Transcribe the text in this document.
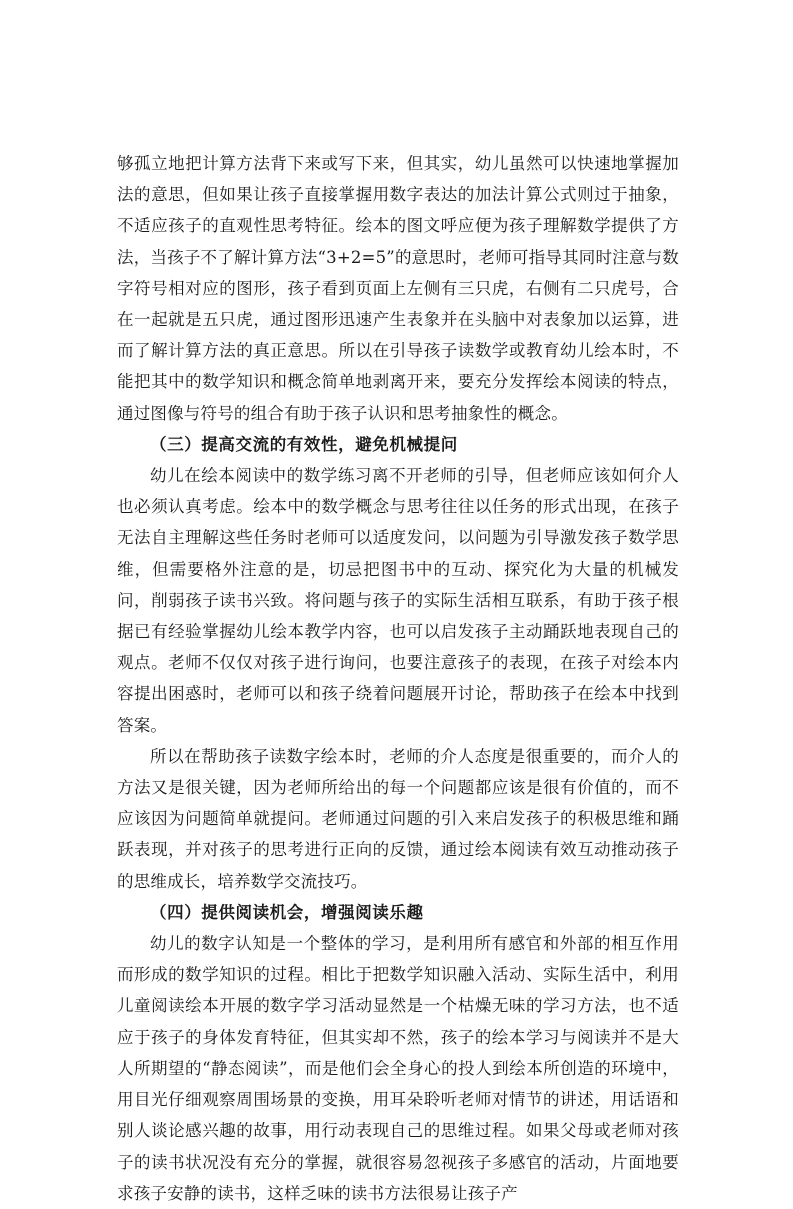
够孤立地把计算方法背下来或写下来，但其实，幼儿虽然可以快速地掌握加法的意思，但如果让孩子直接掌握用数字表达的加法计算公式则过于抽象，不适应孩子的直观性思考特征。绘本的图文呼应便为孩子理解数学提供了方法，当孩子不了解计算方法“3+2=5”的意思时，老师可指导其同时注意与数字符号相对应的图形，孩子看到页面上左侧有三只虎，右侧有二只虎号，合在一起就是五只虎，通过图形迅速产生表象并在头脑中对表象加以运算，进而了解计算方法的真正意思。所以在引导孩子读数学或教育幼儿绘本时，不能把其中的数学知识和概念简单地剥离开来，要充分发挥绘本阅读的特点，通过图像与符号的组合有助于孩子认识和思考抽象性的概念。

（三）提高交流的有效性，避免机械提问

幼儿在绘本阅读中的数学练习离不开老师的引导，但老师应该如何介人也必须认真考虑。绘本中的数学概念与思考往往以任务的形式出现，在孩子无法自主理解这些任务时老师可以适度发问，以问题为引导激发孩子数学思维，但需要格外注意的是，切忌把图书中的互动、探究化为大量的机械发问，削弱孩子读书兴致。将问题与孩子的实际生活相互联系，有助于孩子根据已有经验掌握幼儿绘本教学内容，也可以启发孩子主动踊跃地表现自己的观点。老师不仅仅对孩子进行询问，也要注意孩子的表现，在孩子对绘本内容提出困惑时，老师可以和孩子绕着问题展开讨论，帮助孩子在绘本中找到答案。

所以在帮助孩子读数字绘本时，老师的介人态度是很重要的，而介人的方法又是很关键，因为老师所给出的每一个问题都应该是很有价值的，而不应该因为问题简单就提问。老师通过问题的引入来启发孩子的积极思维和踊跃表现，并对孩子的思考进行正向的反馈，通过绘本阅读有效互动推动孩子的思维成长，培养数学交流技巧。

（四）提供阅读机会，增强阅读乐趣

幼儿的数字认知是一个整体的学习，是利用所有感官和外部的相互作用而形成的数学知识的过程。相比于把数学知识融入活动、实际生活中，利用儿童阅读绘本开展的数字学习活动显然是一个枯燥无味的学习方法，也不适应于孩子的身体发育特征，但其实却不然，孩子的绘本学习与阅读并不是大人所期望的“静态阅读”，而是他们会全身心的投人到绘本所创造的环境中，用目光仔细观察周围场景的变换，用耳朵聆听老师对情节的讲述，用话语和别人谈论感兴趣的故事，用行动表现自己的思维过程。如果父母或老师对孩子的读书状况没有充分的掌握，就很容易忽视孩子多感官的活动，片面地要求孩子安静的读书，这样乏味的读书方法很易让孩子产
